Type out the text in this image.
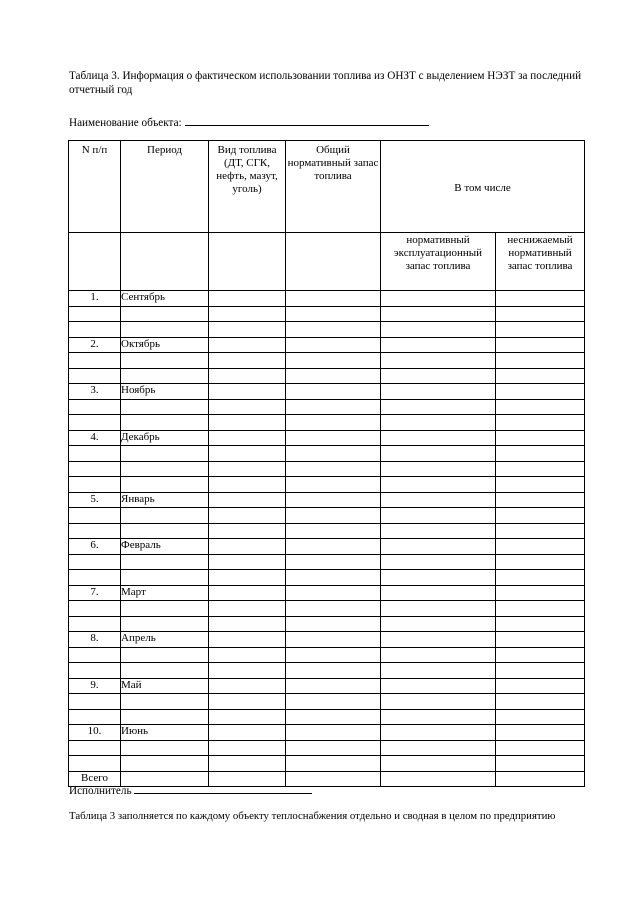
Таблица 3. Информация о фактическом использовании топлива из ОНЗТ с выделением НЭЗТ за последний отчетный год
Наименование объекта:
N п/п	Период	Вид топлива (ДТ, СГК, нефть, мазут, уголь)	Общий нормативный запас топлива	В том числе	
				нормативный эксплуатационный запас топлива	неснижаемый нормативный запас топлива
1.	Сентябрь				

2.	Октябрь				

3.	Ноябрь				

4.	Декабрь				

5.	Январь				

6.	Февраль				

7.	Март				

8.	Апрель				

9.	Май				

10.	Июнь				

Всего					
Исполнитель
Таблица 3 заполняется по каждому объекту теплоснабжения отдельно и сводная в целом по предприятию
